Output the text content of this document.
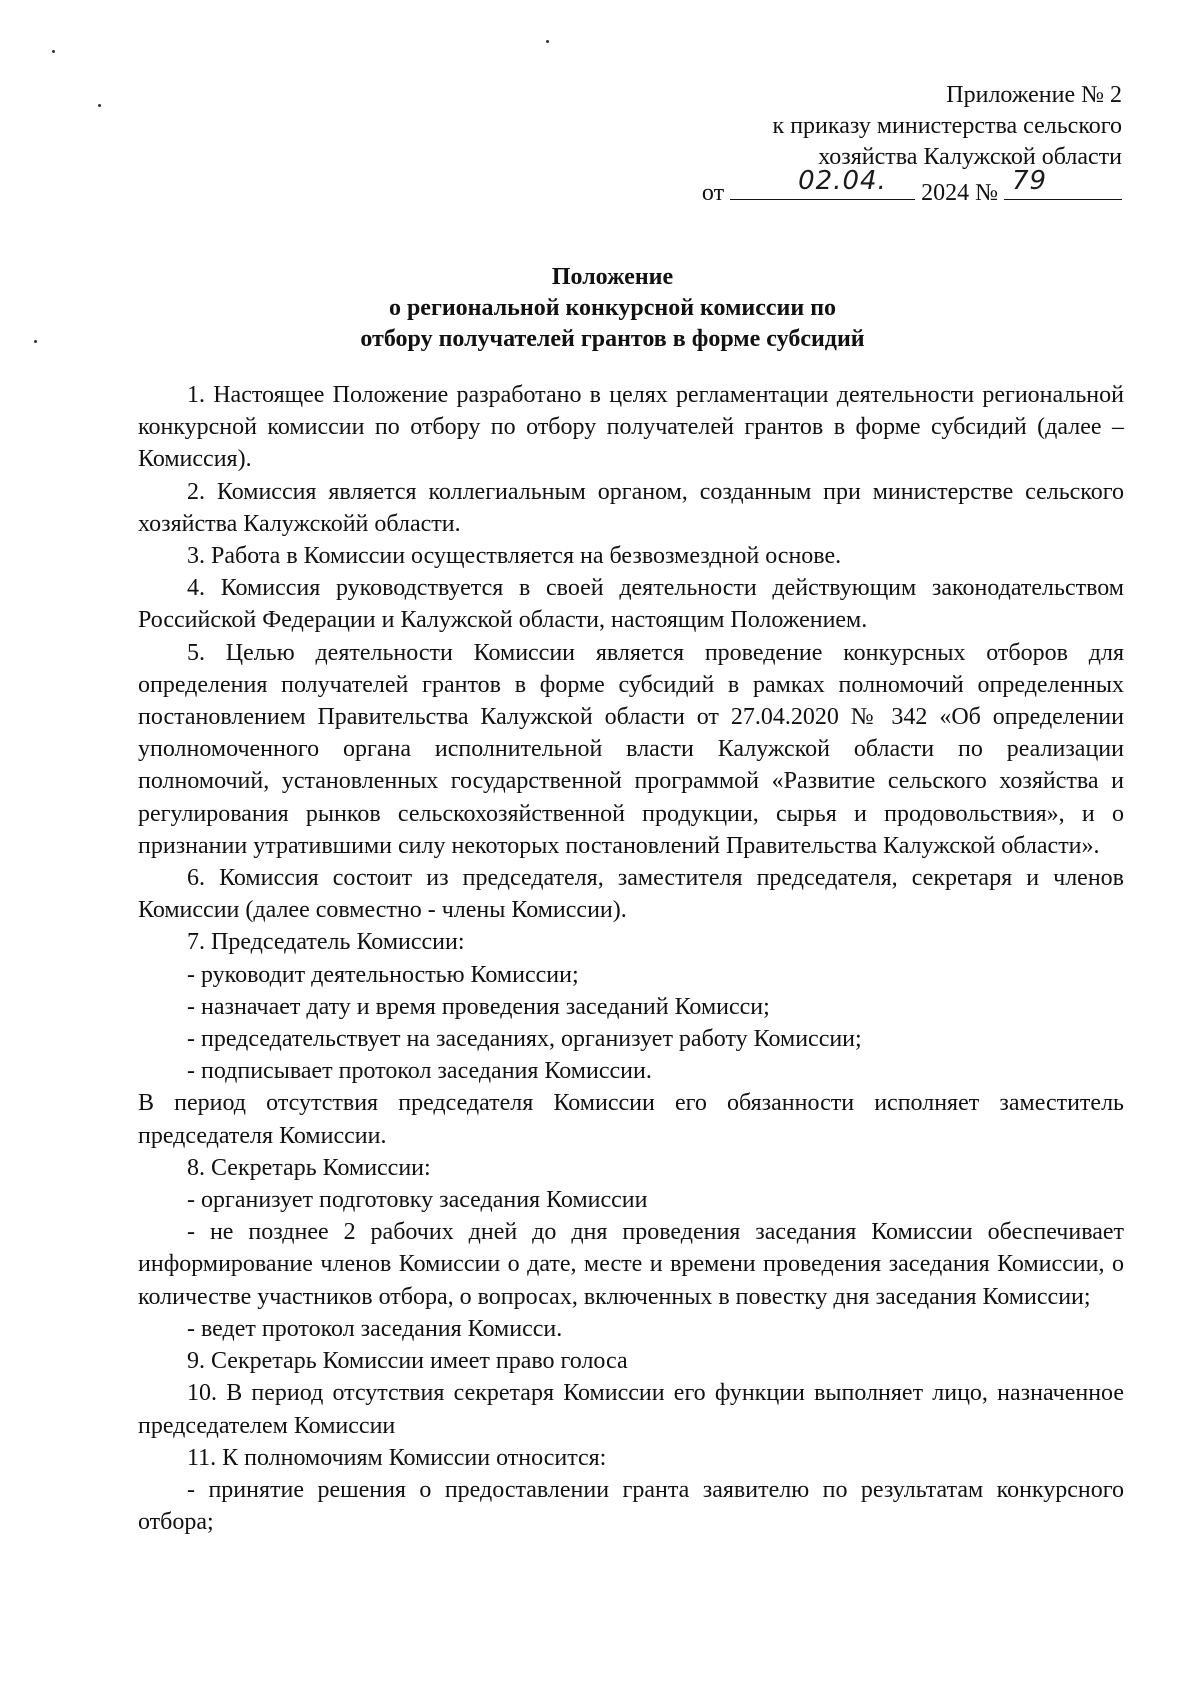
Приложение № 2
к приказу министерства сельского
хозяйства Калужской области
от	02.04. 2024 № 79
Положение
о региональной конкурсной комиссии по
отбору получателей грантов в форме субсидий

1. Настоящее Положение разработано в целях регламентации деятельности региональной конкурсной комиссии по отбору по отбору получателей грантов в форме субсидий (далее – Комиссия).

2. Комиссия является коллегиальным органом, созданным при министерстве сельского хозяйства Калужскойй области.

3. Работа в Комиссии осуществляется на безвозмездной основе.

4. Комиссия руководствуется в своей деятельности действующим законодательством Российской Федерации и Калужской области, настоящим Положением.

5. Целью деятельности Комиссии является проведение конкурсных отборов для определения получателей грантов в форме субсидий в рамках полномочий определенных постановлением Правительства Калужской области от 27.04.2020 № 342 «Об определении уполномоченного органа исполнительной власти Калужской области по реализации полномочий, установленных государственной программой «Развитие сельского хозяйства и регулирования рынков сельскохозяйственной продукции, сырья и продовольствия», и о признании утратившими силу некоторых постановлений Правительства Калужской области».

6. Комиссия состоит из председателя, заместителя председателя, секретаря и членов Комиссии (далее совместно - члены Комиссии).

7. Председатель Комиссии:

- руководит деятельностью Комиссии;

- назначает дату и время проведения заседаний Комисси;

- председательствует на заседаниях, организует работу Комиссии;

- подписывает протокол заседания Комиссии.

В период отсутствия председателя Комиссии его обязанности исполняет заместитель председателя Комиссии.

8. Секретарь Комиссии:

- организует подготовку заседания Комиссии

- не позднее 2 рабочих дней до дня проведения заседания Комиссии обеспечивает информирование членов Комиссии о дате, месте и времени проведения заседания Комиссии, о количестве участников отбора, о вопросах, включенных в повестку дня заседания Комиссии;

- ведет протокол заседания Комисси.

9. Секретарь Комиссии имеет право голоса

10. В период отсутствия секретаря Комиссии его функции выполняет лицо, назначенное председателем Комиссии

11. К полномочиям Комиссии относится:

- принятие решения о предоставлении гранта заявителю по результатам конкурсного отбора;
